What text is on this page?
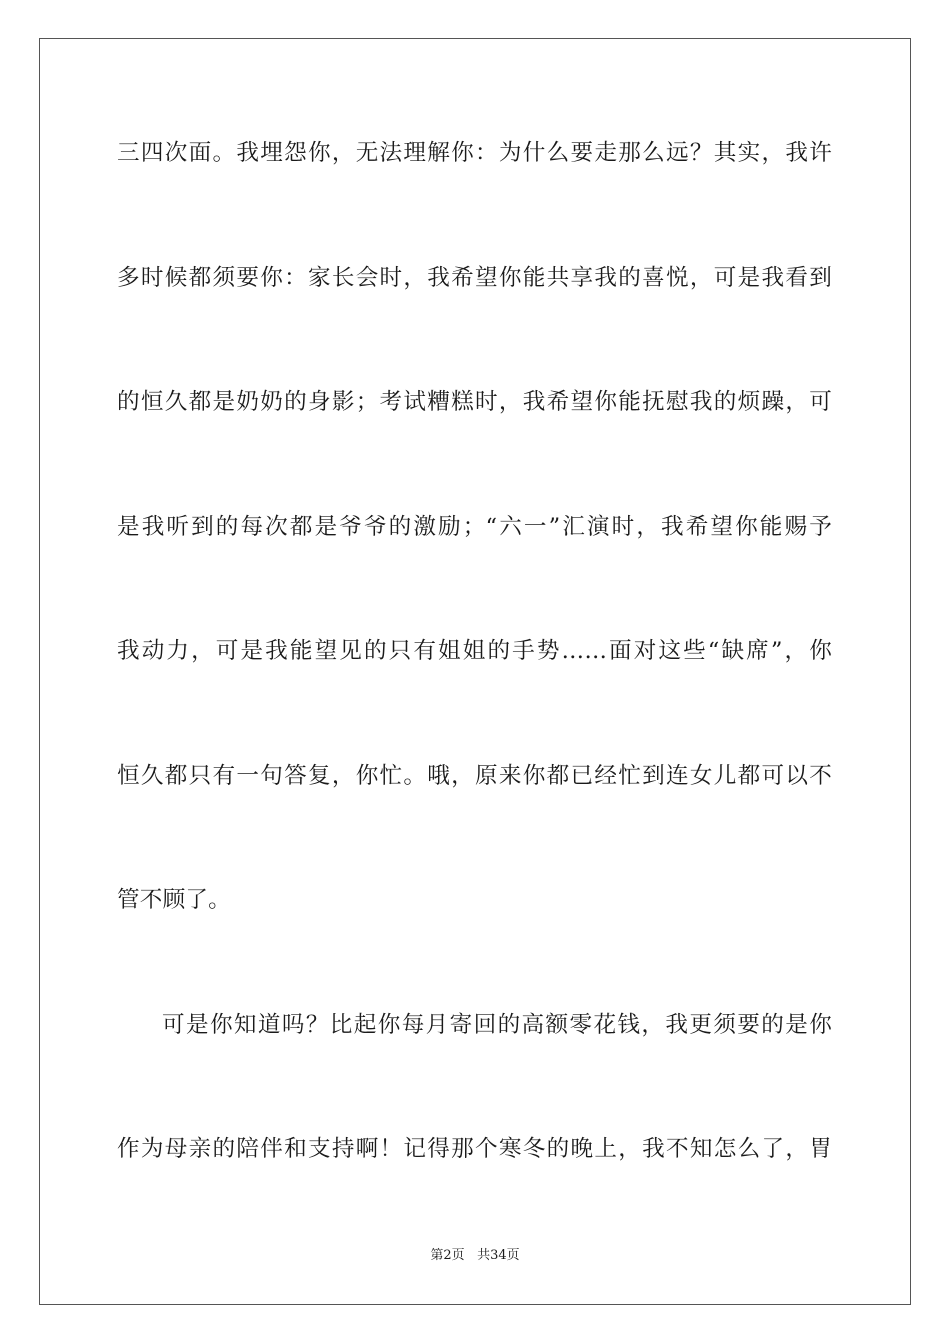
三四次面。我埋怨你，无法理解你：为什么要走那么远？其实，我许
多时候都须要你：家长会时，我希望你能共享我的喜悦，可是我看到
的恒久都是奶奶的身影；考试糟糕时，我希望你能抚慰我的烦躁，可
是我听到的每次都是爷爷的激励；“六一”汇演时，我希望你能赐予
我动力，可是我能望见的只有姐姐的手势……面对这些“缺席”，你
恒久都只有一句答复，你忙。哦，原来你都已经忙到连女儿都可以不
管不顾了。
可是你知道吗？比起你每月寄回的高额零花钱，我更须要的是你
作为母亲的陪伴和支持啊！记得那个寒冬的晚上，我不知怎么了，胃
第2页 共34页
